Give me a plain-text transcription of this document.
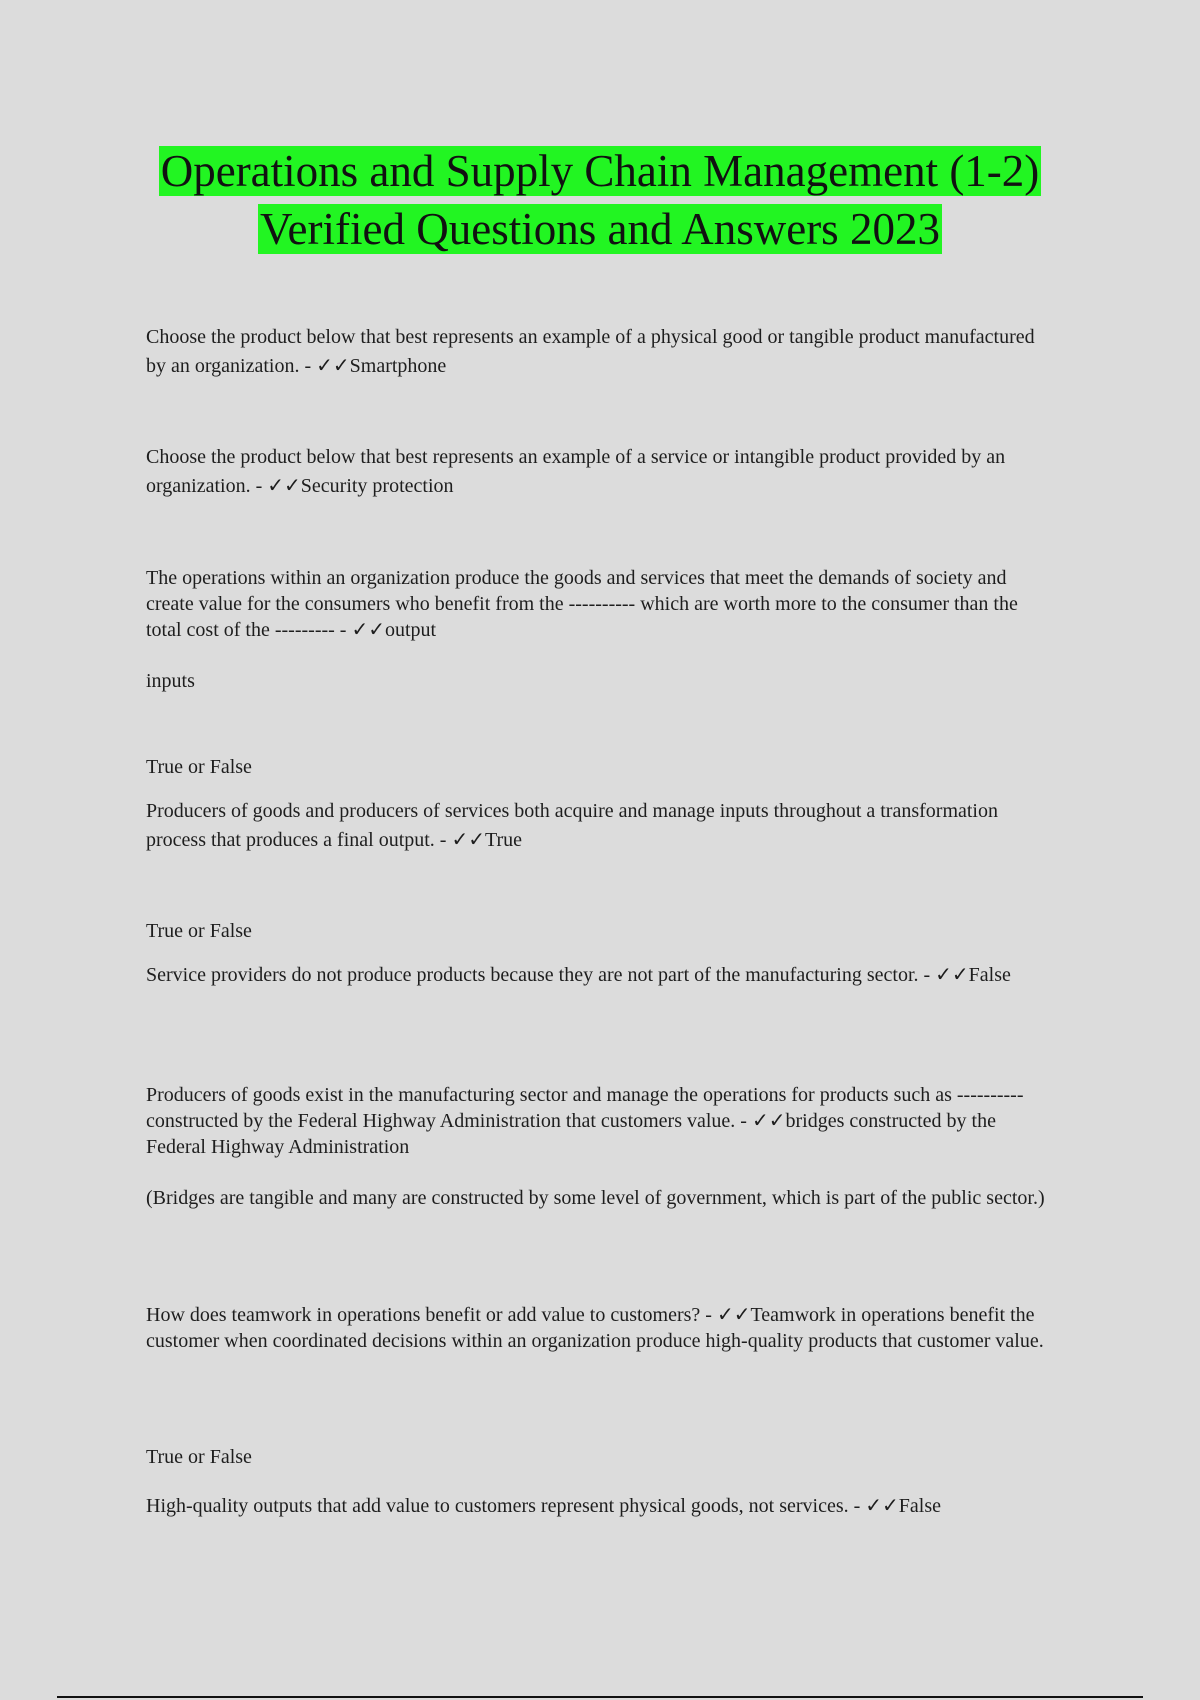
Operations and Supply Chain Management (1-2) Verified Questions and Answers 2023

Choose the product below that best represents an example of a physical good or tangible product manufactured by an organization. - ✓✓Smartphone

Choose the product below that best represents an example of a service or intangible product provided by an organization. - ✓✓Security protection

The operations within an organization produce the goods and services that meet the demands of society and create value for the consumers who benefit from the ---------- which are worth more to the consumer than the total cost of the --------- - ✓✓output

inputs

True or False

Producers of goods and producers of services both acquire and manage inputs throughout a transformation process that produces a final output. - ✓✓True

True or False

Service providers do not produce products because they are not part of the manufacturing sector. - ✓✓False

Producers of goods exist in the manufacturing sector and manage the operations for products such as ---------- constructed by the Federal Highway Administration that customers value. - ✓✓bridges constructed by the Federal Highway Administration

(Bridges are tangible and many are constructed by some level of government, which is part of the public sector.)

How does teamwork in operations benefit or add value to customers? - ✓✓Teamwork in operations benefit the customer when coordinated decisions within an organization produce high-quality products that customer value.

True or False

High-quality outputs that add value to customers represent physical goods, not services. - ✓✓False
